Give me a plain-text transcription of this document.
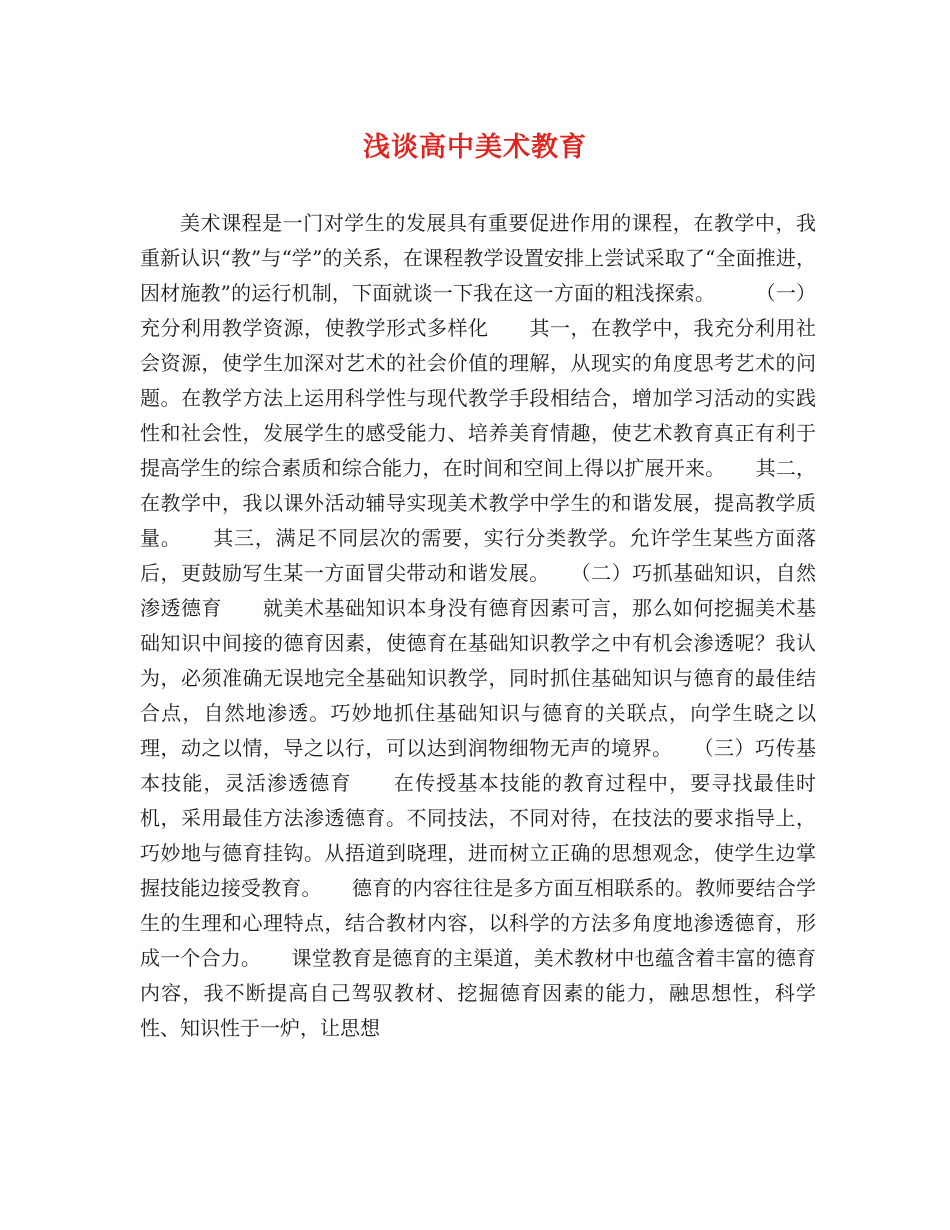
浅谈高中美术教育

美术课程是一门对学生的发展具有重要促进作用的课程，在教学中，我重新认识“教”与“学”的关系，在课程教学设置安排上尝试采取了“全面推进，因材施教”的运行机制，下面就谈一下我在这一方面的粗浅探索。　　　（一）充分利用教学资源，使教学形式多样化　　其一，在教学中，我充分利用社会资源，使学生加深对艺术的社会价值的理解，从现实的角度思考艺术的问题。在教学方法上运用科学性与现代教学手段相结合，增加学习活动的实践性和社会性，发展学生的感受能力、培养美育情趣，使艺术教育真正有利于提高学生的综合素质和综合能力，在时间和空间上得以扩展开来。　　其二，在教学中，我以课外活动辅导实现美术教学中学生的和谐发展，提高教学质量。　　其三，满足不同层次的需要，实行分类教学。允许学生某些方面落后，更鼓励写生某一方面冒尖带动和谐发展。　　（二）巧抓基础知识，自然渗透德育　　就美术基础知识本身没有德育因素可言，那么如何挖掘美术基础知识中间接的德育因素，使德育在基础知识教学之中有机会渗透呢？我认为，必须准确无误地完全基础知识教学，同时抓住基础知识与德育的最佳结合点，自然地渗透。巧妙地抓住基础知识与德育的关联点，向学生晓之以理，动之以情，导之以行，可以达到润物细物无声的境界。　　（三）巧传基本技能，灵活渗透德育　　在传授基本技能的教育过程中，要寻找最佳时机，采用最佳方法渗透德育。不同技法，不同对待，在技法的要求指导上，巧妙地与德育挂钩。从捂道到晓理，进而树立正确的思想观念，使学生边掌握技能边接受教育。　　德育的内容往往是多方面互相联系的。教师要结合学生的生理和心理特点，结合教材内容，以科学的方法多角度地渗透德育，形成一个合力。　　课堂教育是德育的主渠道，美术教材中也蕴含着丰富的德育内容，我不断提高自己驾驭教材、挖掘德育因素的能力，融思想性，科学性、知识性于一炉，让思想
